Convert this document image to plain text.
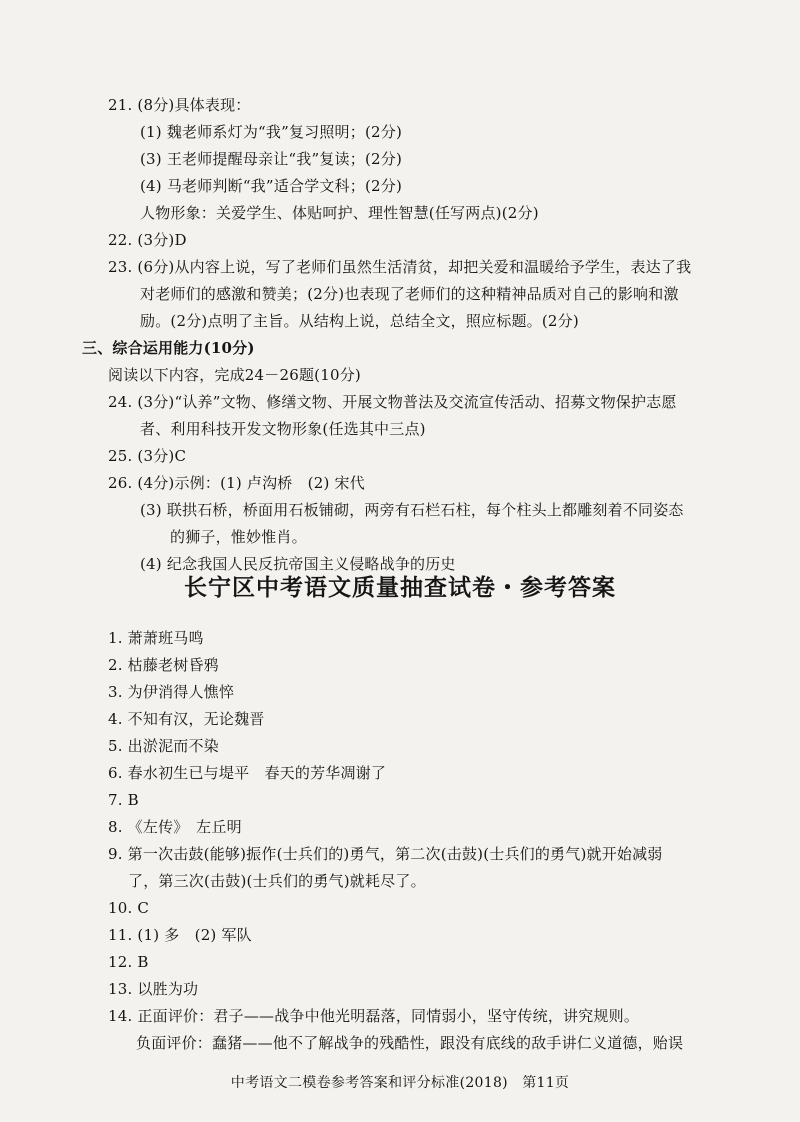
21. (8分)具体表现：
(1) 魏老师系灯为“我”复习照明；(2分)
(3) 王老师提醒母亲让“我”复读；(2分)
(4) 马老师判断“我”适合学文科；(2分)
人物形象：关爱学生、体贴呵护、理性智慧(任写两点)(2分)
22. (3分)D
23. (6分)从内容上说，写了老师们虽然生活清贫，却把关爱和温暖给予学生，表达了我
对老师们的感激和赞美；(2分)也表现了老师们的这种精神品质对自己的影响和激
励。(2分)点明了主旨。从结构上说，总结全文，照应标题。(2分)
三、综合运用能力(10分)
阅读以下内容，完成24－26题(10分)
24. (3分)“认养”文物、修缮文物、开展文物普法及交流宣传活动、招募文物保护志愿
者、利用科技开发文物形象(任选其中三点)
25. (3分)C
26. (4分)示例：(1) 卢沟桥　(2) 宋代
(3) 联拱石桥，桥面用石板铺砌，两旁有石栏石柱，每个柱头上都雕刻着不同姿态
的狮子，惟妙惟肖。
(4) 纪念我国人民反抗帝国主义侵略战争的历史
长宁区中考语文质量抽查试卷・参考答案
1. 萧萧班马鸣
2. 枯藤老树昏鸦
3. 为伊消得人憔悴
4. 不知有汉，无论魏晋
5. 出淤泥而不染
6. 春水初生已与堤平　春天的芳华凋谢了
7. B
8. 《左传》　左丘明
9. 第一次击鼓(能够)振作(士兵们的)勇气，第二次(击鼓)(士兵们的勇气)就开始减弱
了，第三次(击鼓)(士兵们的勇气)就耗尽了。
10. C
11. (1) 多　(2) 军队
12. B
13. 以胜为功
14. 正面评价：君子——战争中他光明磊落，同情弱小，坚守传统，讲究规则。
负面评价：蠢猪——他不了解战争的残酷性，跟没有底线的敌手讲仁义道德，贻误
中考语文二模卷参考答案和评分标准(2018)　第11页
